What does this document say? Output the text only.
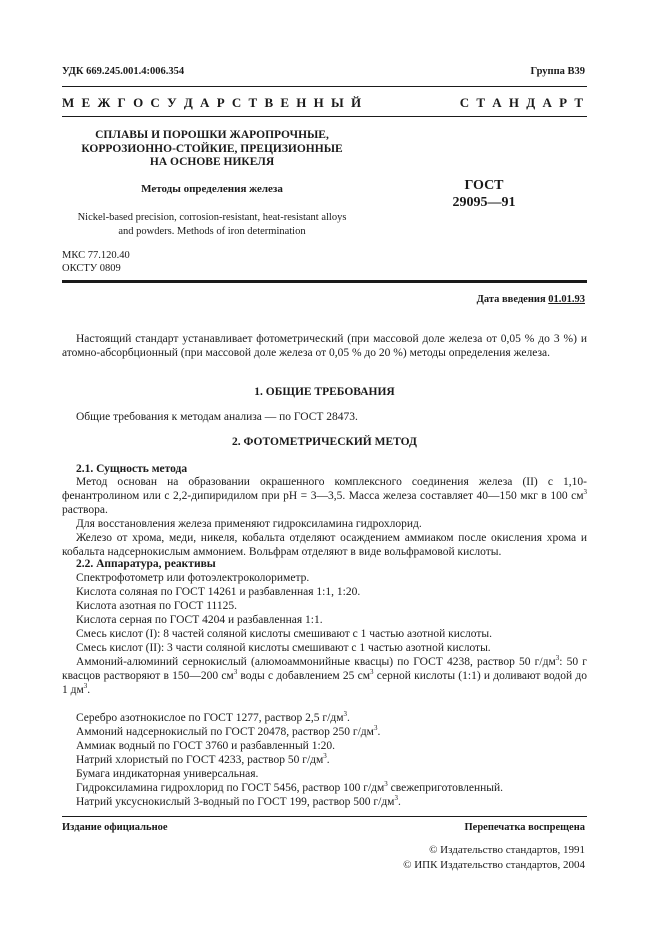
УДК 669.245.001.4:006.354	Группа В39
М Е Ж Г О С У Д А Р С Т В Е Н Н Ы Й	С Т А Н Д А Р Т
СПЛАВЫ И ПОРОШКИ ЖАРОПРОЧНЫЕ,
КОРРОЗИОННО-СТОЙКИЕ, ПРЕЦИЗИОННЫЕ
НА ОСНОВЕ НИКЕЛЯ
Методы определения железа
Nickel-based precision, corrosion-resistant, heat-resistant alloys
and powders. Methods of iron determination
ГОСТ
29095—91
МКС 77.120.40
ОКСТУ 0809
Дата введения 01.01.93
Настоящий стандарт устанавливает фотометрический (при массовой доле железа от 0,05 % до 3 %) и атомно-абсорбционный (при массовой доле железа от 0,05 % до 20 %) методы определения железа.
1. ОБЩИЕ ТРЕБОВАНИЯ
Общие требования к методам анализа — по ГОСТ 28473.
2. ФОТОМЕТРИЧЕСКИЙ МЕТОД
2.1. Сущность метода
Метод основан на образовании окрашенного комплексного соединения железа (II) с 1,10-фенантролином или с 2,2-дипиридилом при pH = 3—3,5. Масса железа составляет 40—150 мкг в 100 $см^3$ раствора.
Для восстановления железа применяют гидроксиламина гидрохлорид.
Железо от хрома, меди, никеля, кобальта отделяют осаждением аммиаком после окисления хрома и кобальта надсернокислым аммонием. Вольфрам отделяют в виде вольфрамовой кислоты.
2.2. Аппаратура, реактивы
Спектрофотометр или фотоэлектроколориметр.
Кислота соляная по ГОСТ 14261 и разбавленная 1:1, 1:20.
Кислота азотная по ГОСТ 11125.
Кислота серная по ГОСТ 4204 и разбавленная 1:1.
Смесь кислот (I): 8 частей соляной кислоты смешивают с 1 частью азотной кислоты.
Смесь кислот (II): 3 части соляной кислоты смешивают с 1 частью азотной кислоты.
Аммоний-алюминий сернокислый (алюмоаммонийные квасцы) по ГОСТ 4238, раствор 50 $г/дм^3$: 50 г квасцов растворяют в 150—200 $см^3$ воды с добавлением 25 $см^3$ серной кислоты (1:1) и доливают водой до 1 $дм^3$.
Серебро азотнокислое по ГОСТ 1277, раствор 2,5 $г/дм^3$.
Аммоний надсернокислый по ГОСТ 20478, раствор 250 $г/дм^3$.
Аммиак водный по ГОСТ 3760 и разбавленный 1:20.
Натрий хлористый по ГОСТ 4233, раствор 50 $г/дм^3$.
Бумага индикаторная универсальная.
Гидроксиламина гидрохлорид по ГОСТ 5456, раствор 100 $г/дм^3$ свежеприготовленный.
Натрий уксуснокислый 3-водный по ГОСТ 199, раствор 500 $г/дм^3$.
Издание официальное	Перепечатка воспрещена
© Издательство стандартов, 1991
© ИПК Издательство стандартов, 2004
